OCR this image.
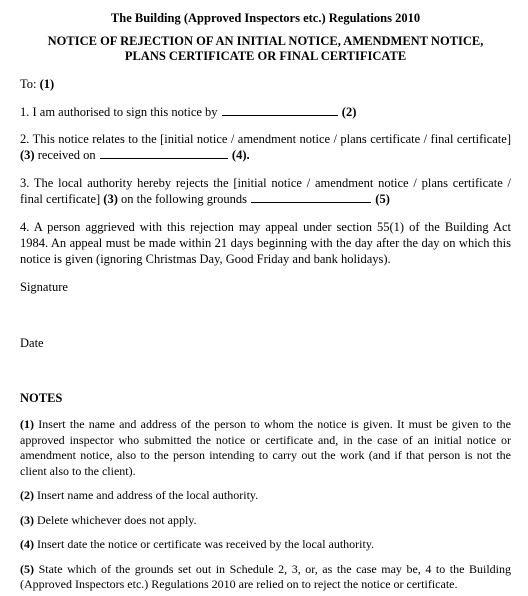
The Building (Approved Inspectors etc.) Regulations 2010
NOTICE OF REJECTION OF AN INITIAL NOTICE, AMENDMENT NOTICE,
PLANS CERTIFICATE OR FINAL CERTIFICATE

To: (1)

1. I am authorised to sign this notice by	(2)

2. This notice relates to the [initial notice / amendment notice / plans certificate / final certificate] (3) received on	(4).

3. The local authority hereby rejects the [initial notice / amendment notice / plans certificate / final certificate] (3) on the following grounds	(5)

4. A person aggrieved with this rejection may appeal under section 55(1) of the Building Act 1984. An appeal must be made within 21 days beginning with the day after the day on which this notice is given (ignoring Christmas Day, Good Friday and bank holidays).

Signature

Date

NOTES

(1) Insert the name and address of the person to whom the notice is given. It must be given to the approved inspector who submitted the notice or certificate and, in the case of an initial notice or amendment notice, also to the person intending to carry out the work (and if that person is not the client also to the client).

(2) Insert name and address of the local authority.

(3) Delete whichever does not apply.

(4) Insert date the notice or certificate was received by the local authority.

(5) State which of the grounds set out in Schedule 2, 3, or, as the case may be, 4 to the Building (Approved Inspectors etc.) Regulations 2010 are relied on to reject the notice or certificate.
